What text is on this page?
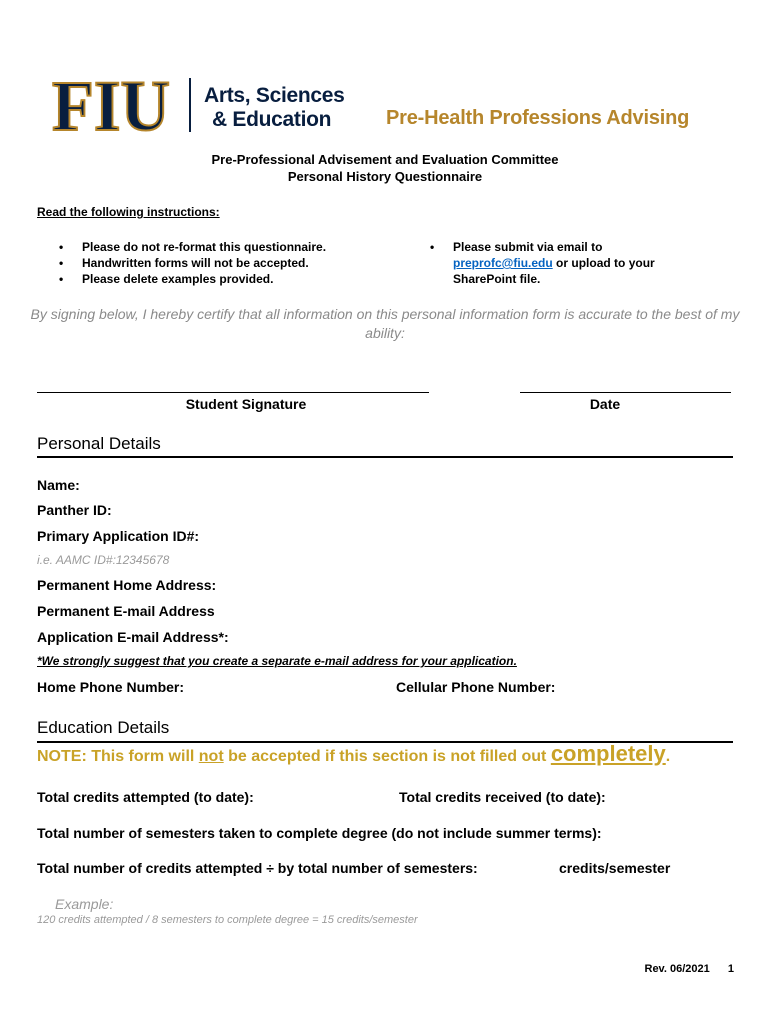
FIU Arts, Sciences
& Education	Pre-Health Professions Advising
Pre-Professional Advisement and Evaluation Committee
Personal History Questionnaire
Read the following instructions:
• Please do not re-format this questionnaire.
• Handwritten forms will not be accepted.
• Please delete examples provided.
• Please submit via email to
preprofc@fiu.edu or upload to your SharePoint file.
By signing below, I hereby certify that all information on this personal information form is accurate to the best of my ability:
Student Signature	Date
Personal Details
Name:
Panther ID:
Primary Application ID#:
i.e. AAMC ID#:12345678
Permanent Home Address:
Permanent E-mail Address
Application E-mail Address*:
*We strongly suggest that you create a separate e-mail address for your application.
Home Phone Number:	Cellular Phone Number:
Education Details
NOTE: This form will not be accepted if this section is not filled out completely.
Total credits attempted (to date):	Total credits received (to date):
Total number of semesters taken to complete degree (do not include summer terms):
Total number of credits attempted ÷ by total number of semesters:	credits/semester
Example:
120 credits attempted / 8 semesters to complete degree = 15 credits/semester
Rev. 06/2021 1
